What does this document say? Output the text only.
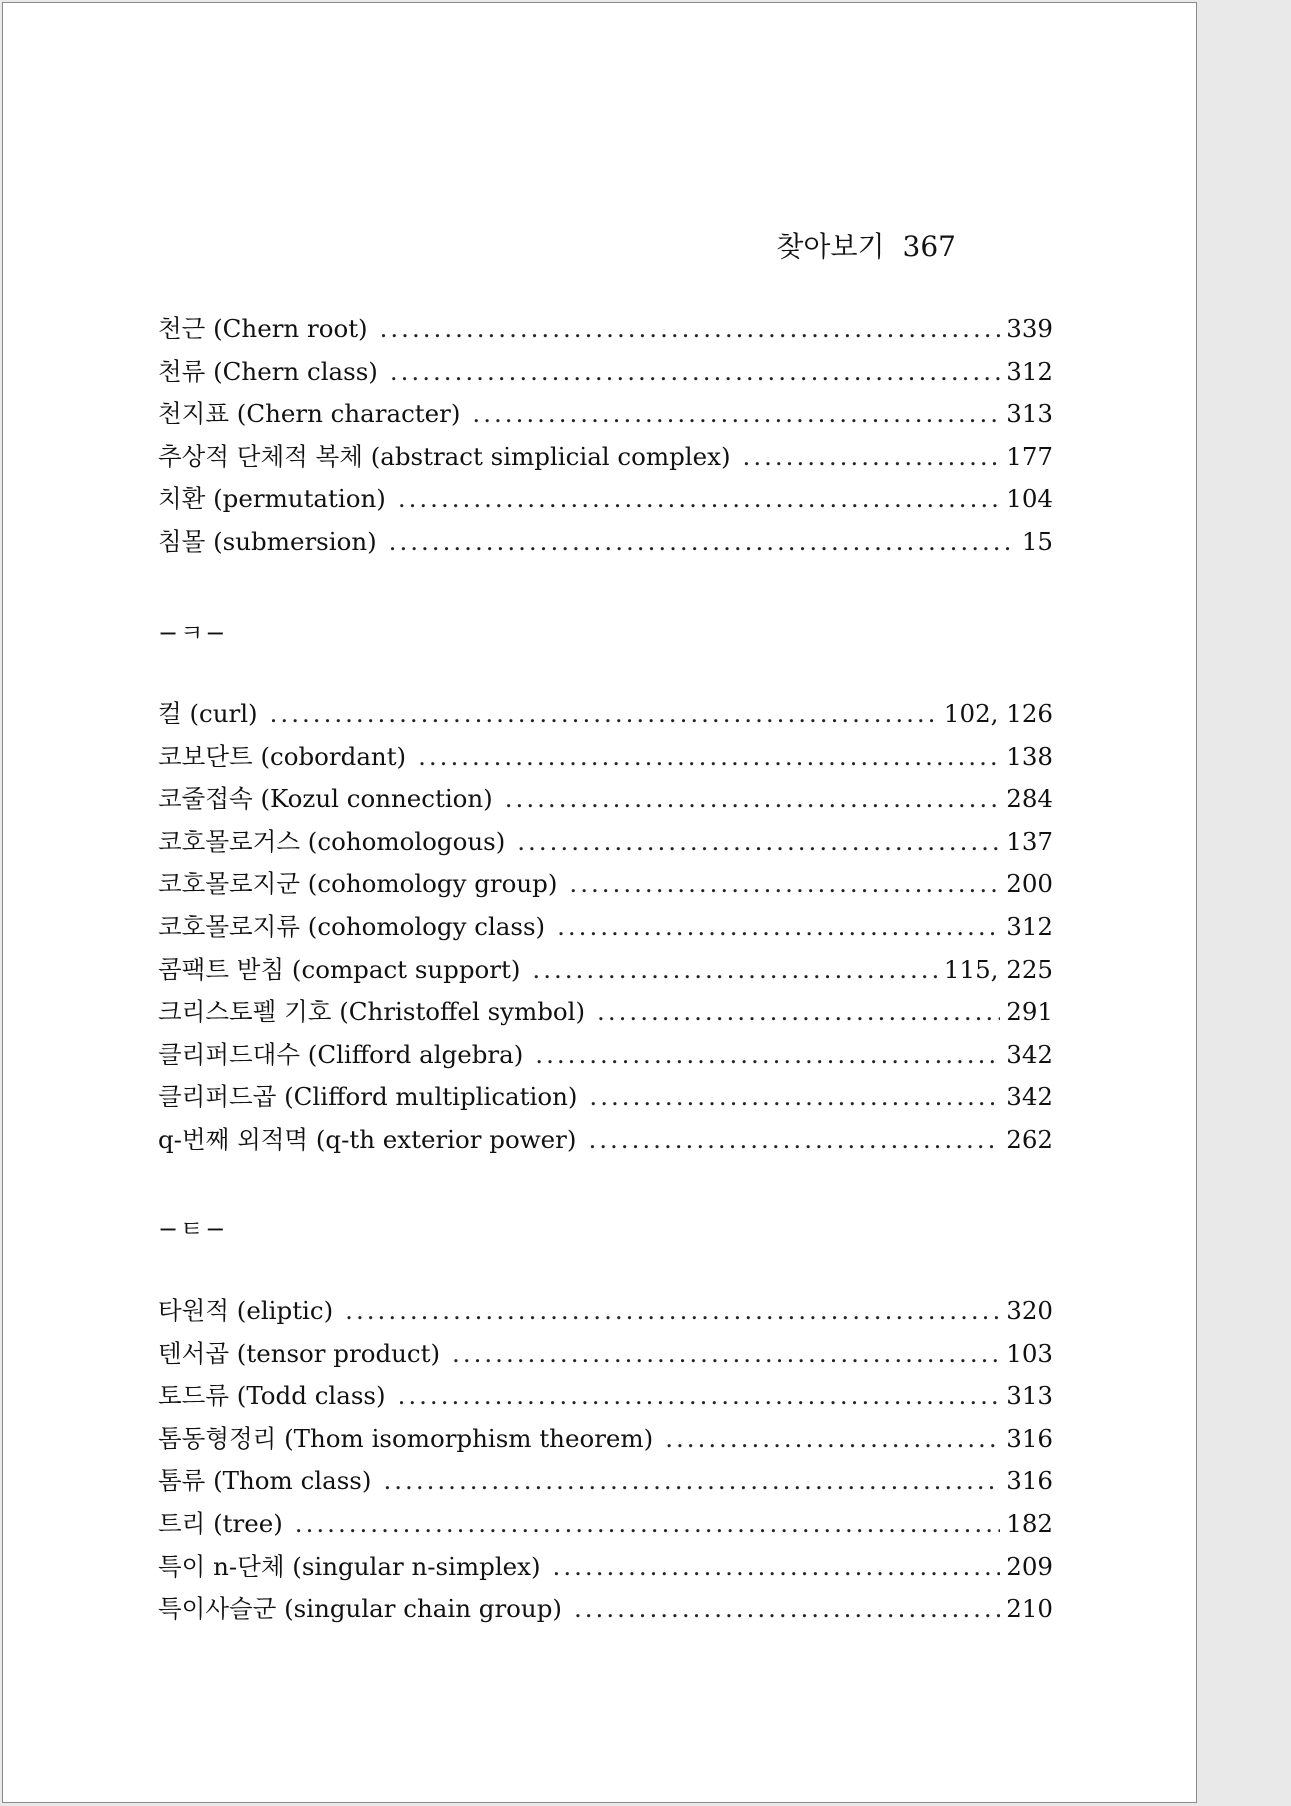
찾아보기 367
천근 (Chern root) .....	339
천류 (Chern class) .....	312
천지표 (Chern character) .....	313
추상적 단체적 복체 (abstract simplicial complex) .....	177
치환 (permutation) .....	104
침몰 (submersion) .....	15
−ㅋ−
컬 (curl) .....	102, 126
코보단트 (cobordant) .....	138
코줄접속 (Kozul connection) .....	284
코호몰로거스 (cohomologous) .....	137
코호몰로지군 (cohomology group) .....	200
코호몰로지류 (cohomology class) .....	312
콤팩트 받침 (compact support) .....	115, 225
크리스토펠 기호 (Christoffel symbol) .....	291
클리퍼드대수 (Clifford algebra) .....	342
클리퍼드곱 (Clifford multiplication) .....	342
q-번째 외적멱 (q-th exterior power) .....	262
−ㅌ−
타원적 (eliptic) .....	320
텐서곱 (tensor product) .....	103
토드류 (Todd class) .....	313
톰동형정리 (Thom isomorphism theorem) .....	316
톰류 (Thom class) .....	316
트리 (tree) .....	182
특이 n-단체 (singular n-simplex) .....	209
특이사슬군 (singular chain group) .....	210
